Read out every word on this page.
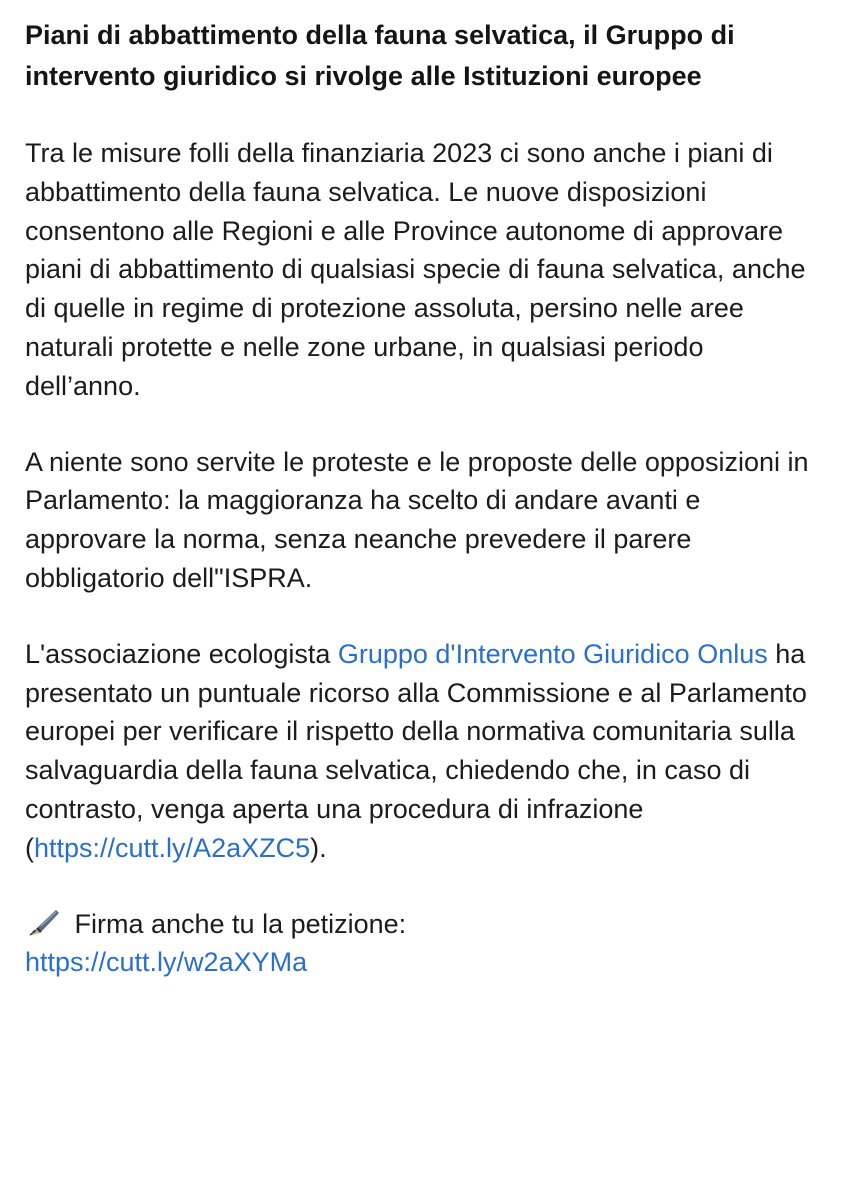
Piani di abbattimento della fauna selvatica, il Gruppo di intervento giuridico si rivolge alle Istituzioni europee

Tra le misure folli della finanziaria 2023 ci sono anche i piani di abbattimento della fauna selvatica. Le nuove disposizioni consentono alle Regioni e alle Province autonome di approvare piani di abbattimento di qualsiasi specie di fauna selvatica, anche di quelle in regime di protezione assoluta, persino nelle aree naturali protette e nelle zone urbane, in qualsiasi periodo dell’anno.

A niente sono servite le proteste e le proposte delle opposizioni in Parlamento: la maggioranza ha scelto di andare avanti e approvare la norma, senza neanche prevedere il parere obbligatorio dell"ISPRA.

L'associazione ecologista Gruppo d'Intervento Giuridico Onlus ha presentato un puntuale ricorso alla Commissione e al Parlamento europei per verificare il rispetto della normativa comunitaria sulla salvaguardia della fauna selvatica, chiedendo che, in caso di contrasto, venga aperta una procedura di infrazione (https://cutt.ly/A2aXZC5).

Firma anche tu la petizione:
https://cutt.ly/w2aXYMa
